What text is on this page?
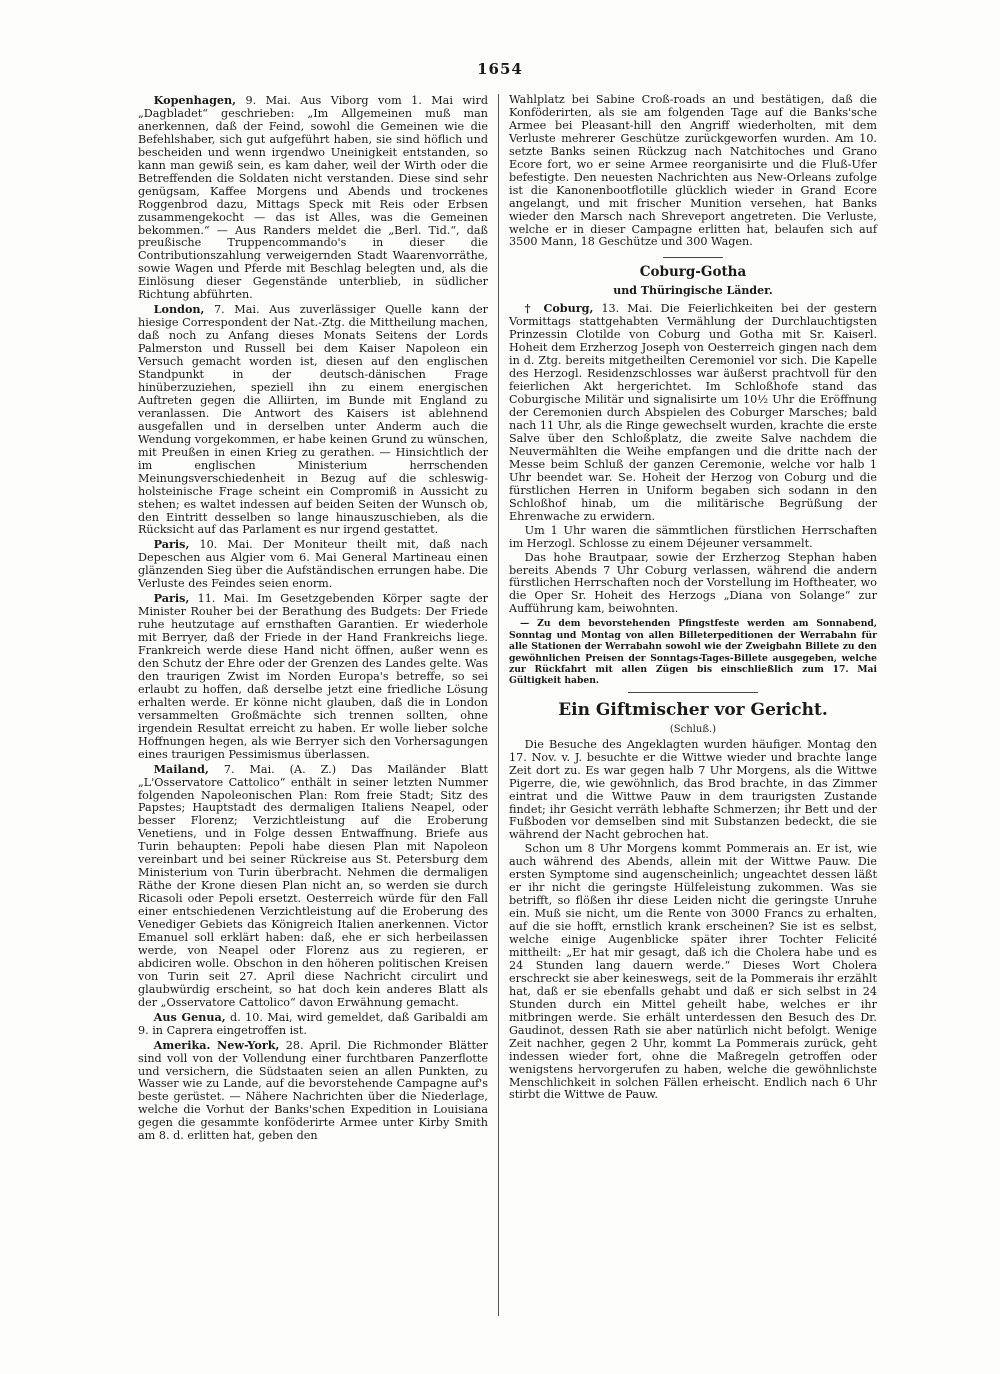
1654

Kopenhagen, 9. Mai. Aus Viborg vom 1. Mai wird „Dagbladet“ geschrieben: „Im Allgemeinen muß man anerkennen, daß der Feind, sowohl die Gemeinen wie die Befehlshaber, sich gut aufgeführt haben, sie sind höflich und bescheiden und wenn irgendwo Uneinigkeit entstanden, so kann man gewiß sein, es kam daher, weil der Wirth oder die Betreffenden die Soldaten nicht verstanden. Diese sind sehr genügsam, Kaffee Morgens und Abends und trockenes Roggenbrod dazu, Mittags Speck mit Reis oder Erbsen zusammengekocht — das ist Alles, was die Gemeinen bekommen.“ — Aus Randers meldet die „Berl. Tid.“, daß preußische Truppencommando's in dieser die Contributionszahlung verweigernden Stadt Waarenvorräthe, sowie Wagen und Pferde mit Beschlag belegten und, als die Einlösung dieser Gegenstände unterblieb, in südlicher Richtung abführten.

London, 7. Mai. Aus zuverlässiger Quelle kann der hiesige Correspondent der Nat.-Ztg. die Mittheilung machen, daß noch zu Anfang dieses Monats Seitens der Lords Palmerston und Russell bei dem Kaiser Napoleon ein Versuch gemacht worden ist, diesen auf den englischen Standpunkt in der deutsch-dänischen Frage hinüberzuziehen, speziell ihn zu einem energischen Auftreten gegen die Alliirten, im Bunde mit England zu veranlassen. Die Antwort des Kaisers ist ablehnend ausgefallen und in derselben unter Anderm auch die Wendung vorgekommen, er habe keinen Grund zu wünschen, mit Preußen in einen Krieg zu gerathen. — Hinsichtlich der im englischen Ministerium herrschenden Meinungsverschiedenheit in Bezug auf die schleswig-holsteinische Frage scheint ein Compromiß in Aussicht zu stehen; es waltet indessen auf beiden Seiten der Wunsch ob, den Eintritt desselben so lange hinauszuschieben, als die Rücksicht auf das Parlament es nur irgend gestattet.

Paris, 10. Mai. Der Moniteur theilt mit, daß nach Depeschen aus Algier vom 6. Mai General Martineau einen glänzenden Sieg über die Aufständischen errungen habe. Die Verluste des Feindes seien enorm.

Paris, 11. Mai. Im Gesetzgebenden Körper sagte der Minister Rouher bei der Berathung des Budgets: Der Friede ruhe heutzutage auf ernsthaften Garantien. Er wiederhole mit Berryer, daß der Friede in der Hand Frankreichs liege. Frankreich werde diese Hand nicht öffnen, außer wenn es den Schutz der Ehre oder der Grenzen des Landes gelte. Was den traurigen Zwist im Norden Europa's betreffe, so sei erlaubt zu hoffen, daß derselbe jetzt eine friedliche Lösung erhalten werde. Er könne nicht glauben, daß die in London versammelten Großmächte sich trennen sollten, ohne irgendein Resultat erreicht zu haben. Er wolle lieber solche Hoffnungen hegen, als wie Berryer sich den Vorhersagungen eines traurigen Pessimismus überlassen.

Mailand, 7. Mai. (A. Z.) Das Mailänder Blatt „L'Osservatore Cattolico“ enthält in seiner letzten Nummer folgenden Napoleonischen Plan: Rom freie Stadt; Sitz des Papstes; Hauptstadt des dermaligen Italiens Neapel, oder besser Florenz; Verzichtleistung auf die Eroberung Venetiens, und in Folge dessen Entwaffnung. Briefe aus Turin behaupten: Pepoli habe diesen Plan mit Napoleon vereinbart und bei seiner Rückreise aus St. Petersburg dem Ministerium von Turin überbracht. Nehmen die dermaligen Räthe der Krone diesen Plan nicht an, so werden sie durch Ricasoli oder Pepoli ersetzt. Oesterreich würde für den Fall einer entschiedenen Verzichtleistung auf die Eroberung des Venediger Gebiets das Königreich Italien anerkennen. Victor Emanuel soll erklärt haben: daß, ehe er sich herbeilassen werde, von Neapel oder Florenz aus zu regieren, er abdiciren wolle. Obschon in den höheren politischen Kreisen von Turin seit 27. April diese Nachricht circulirt und glaubwürdig erscheint, so hat doch kein anderes Blatt als der „Osservatore Cattolico“ davon Erwähnung gemacht.

Aus Genua, d. 10. Mai, wird gemeldet, daß Garibaldi am 9. in Caprera eingetroffen ist.

Amerika. New-York, 28. April. Die Richmonder Blätter sind voll von der Vollendung einer furchtbaren Panzerflotte und versichern, die Südstaaten seien an allen Punkten, zu Wasser wie zu Lande, auf die bevorstehende Campagne auf's beste gerüstet. — Nähere Nachrichten über die Niederlage, welche die Vorhut der Banks'schen Expedition in Louisiana gegen die gesammte konföderirte Armee unter Kirby Smith am 8. d. erlitten hat, geben den

Wahlplatz bei Sabine Croß-roads an und bestätigen, daß die Konföderirten, als sie am folgenden Tage auf die Banks'sche Armee bei Pleasant-hill den Angriff wiederholten, mit dem Verluste mehrerer Geschütze zurückgeworfen wurden. Am 10. setzte Banks seinen Rückzug nach Natchitoches und Grano Ecore fort, wo er seine Armee reorganisirte und die Fluß-Ufer befestigte. Den neuesten Nachrichten aus New-Orleans zufolge ist die Kanonenbootflotille glücklich wieder in Grand Ecore angelangt, und mit frischer Munition versehen, hat Banks wieder den Marsch nach Shreveport angetreten. Die Verluste, welche er in dieser Campagne erlitten hat, belaufen sich auf 3500 Mann, 18 Geschütze und 300 Wagen.

Coburg-Gotha
und Thüringische Länder.

† Coburg, 13. Mai. Die Feierlichkeiten bei der gestern Vormittags stattgehabten Vermählung der Durchlauchtigsten Prinzessin Clotilde von Coburg und Gotha mit Sr. Kaiserl. Hoheit dem Erzherzog Joseph von Oesterreich gingen nach dem in d. Ztg. bereits mitgetheilten Ceremoniel vor sich. Die Kapelle des Herzogl. Residenzschlosses war äußerst prachtvoll für den feierlichen Akt hergerichtet. Im Schloßhofe stand das Coburgische Militär und signalisirte um 10½ Uhr die Eröffnung der Ceremonien durch Abspielen des Coburger Marsches; bald nach 11 Uhr, als die Ringe gewechselt wurden, krachte die erste Salve über den Schloßplatz, die zweite Salve nachdem die Neuvermählten die Weihe empfangen und die dritte nach der Messe beim Schluß der ganzen Ceremonie, welche vor halb 1 Uhr beendet war. Se. Hoheit der Herzog von Coburg und die fürstlichen Herren in Uniform begaben sich sodann in den Schloßhof hinab, um die militärische Begrüßung der Ehrenwache zu erwidern.

Um 1 Uhr waren die sämmtlichen fürstlichen Herrschaften im Herzogl. Schlosse zu einem Déjeuner versammelt.

Das hohe Brautpaar, sowie der Erzherzog Stephan haben bereits Abends 7 Uhr Coburg verlassen, während die andern fürstlichen Herrschaften noch der Vorstellung im Hoftheater, wo die Oper Sr. Hoheit des Herzogs „Diana von Solange“ zur Aufführung kam, beiwohnten.

— Zu dem bevorstehenden Pfingstfeste werden am Sonnabend, Sonntag und Montag von allen Billeterpeditionen der Werrabahn für alle Stationen der Werrabahn sowohl wie der Zweigbahn Billete zu den gewöhnlichen Preisen der Sonntags-Tages-Billete ausgegeben, welche zur Rückfahrt mit allen Zügen bis einschließlich zum 17. Mai Gültigkeit haben.
Ein Giftmischer vor Gericht.
(Schluß.)

Die Besuche des Angeklagten wurden häufiger. Montag den 17. Nov. v. J. besuchte er die Wittwe wieder und brachte lange Zeit dort zu. Es war gegen halb 7 Uhr Morgens, als die Wittwe Pigerre, die, wie gewöhnlich, das Brod brachte, in das Zimmer eintrat und die Wittwe Pauw in dem traurigsten Zustande findet; ihr Gesicht verräth lebhafte Schmerzen; ihr Bett und der Fußboden vor demselben sind mit Substanzen bedeckt, die sie während der Nacht gebrochen hat.

Schon um 8 Uhr Morgens kommt Pommerais an. Er ist, wie auch während des Abends, allein mit der Wittwe Pauw. Die ersten Symptome sind augenscheinlich; ungeachtet dessen läßt er ihr nicht die geringste Hülfeleistung zukommen. Was sie betrifft, so flößen ihr diese Leiden nicht die geringste Unruhe ein. Muß sie nicht, um die Rente von 3000 Francs zu erhalten, auf die sie hofft, ernstlich krank erscheinen? Sie ist es selbst, welche einige Augenblicke später ihrer Tochter Felicité mittheilt: „Er hat mir gesagt, daß ich die Cholera habe und es 24 Stunden lang dauern werde.“ Dieses Wort Cholera erschreckt sie aber keineswegs, seit de la Pommerais ihr erzählt hat, daß er sie ebenfalls gehabt und daß er sich selbst in 24 Stunden durch ein Mittel geheilt habe, welches er ihr mitbringen werde. Sie erhält unterdessen den Besuch des Dr. Gaudinot, dessen Rath sie aber natürlich nicht befolgt. Wenige Zeit nachher, gegen 2 Uhr, kommt La Pommerais zurück, geht indessen wieder fort, ohne die Maßregeln getroffen oder wenigstens hervorgerufen zu haben, welche die gewöhnlichste Menschlichkeit in solchen Fällen erheischt. Endlich nach 6 Uhr stirbt die Wittwe de Pauw.
